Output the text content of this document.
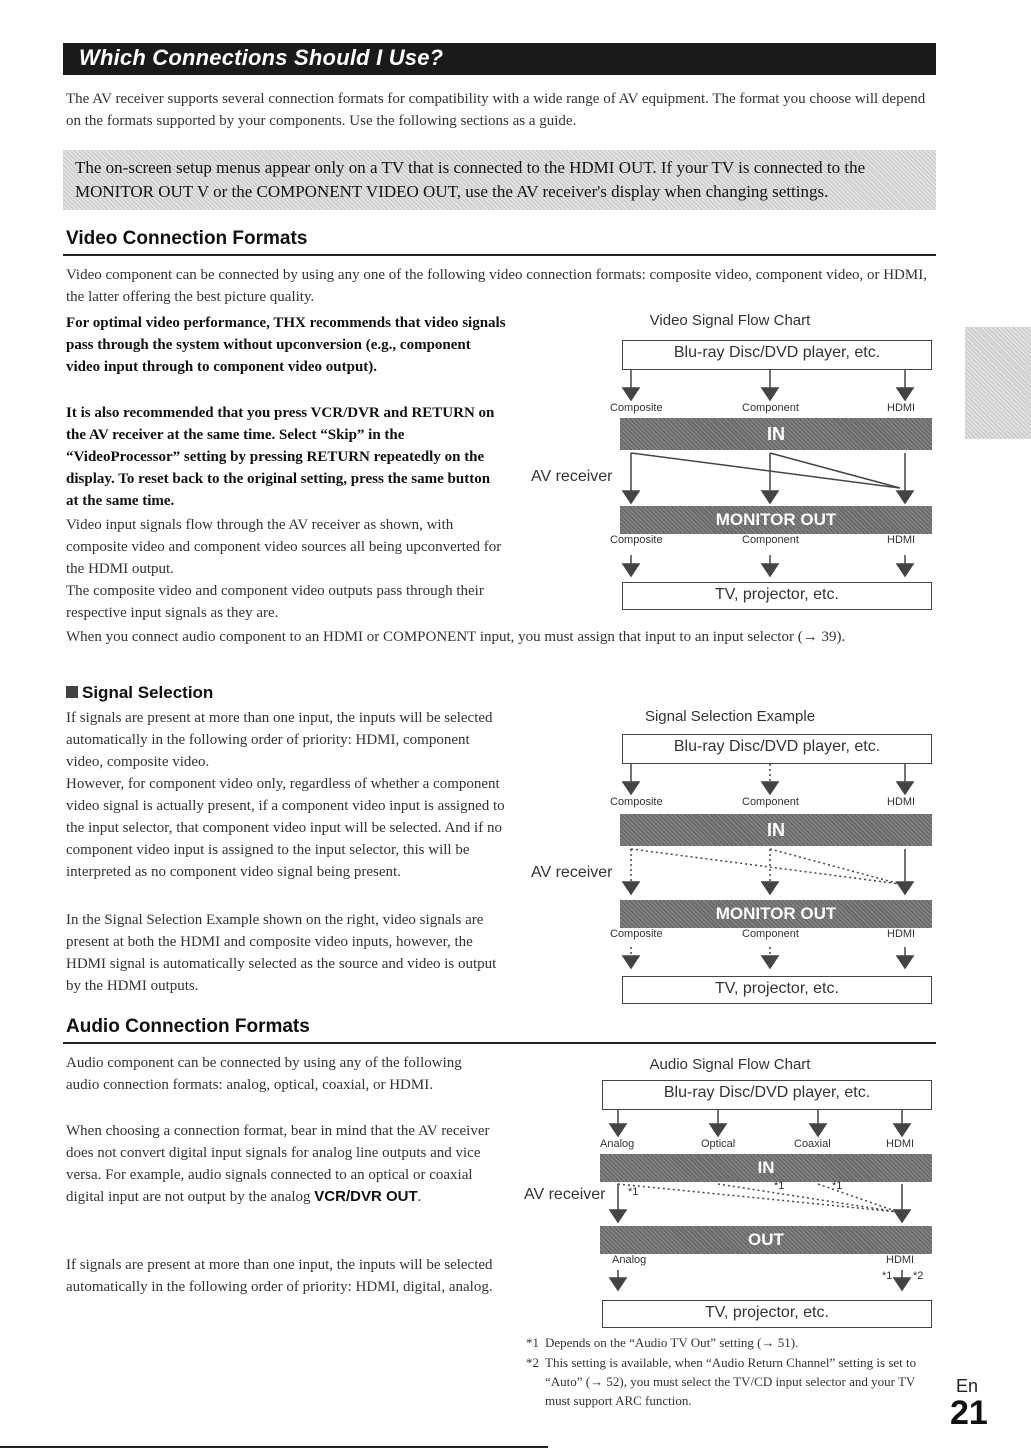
Which Connections Should I Use?

The AV receiver supports several connection formats for compatibility with a wide range of AV equipment. The format you choose will depend on the formats supported by your components. Use the following sections as a guide.

The on-screen setup menus appear only on a TV that is connected to the HDMI OUT. If your TV is connected to the MONITOR OUT V or the COMPONENT VIDEO OUT, use the AV receiver's display when changing settings.

Video Connection Formats

Video component can be connected by using any one of the following video connection formats: composite video, component video, or HDMI, the latter offering the best picture quality.

For optimal video performance, THX recommends that video signals pass through the system without upconversion (e.g., component video input through to component video output).

It is also recommended that you press VCR/DVR and RETURN on the AV receiver at the same time. Select “Skip” in the “VideoProcessor” setting by pressing RETURN repeatedly on the display. To reset back to the original setting, press the same button at the same time.

Video input signals flow through the AV receiver as shown, with composite video and component video sources all being upconverted for the HDMI output.

The composite video and component video outputs pass through their respective input signals as they are.

When you connect audio component to an HDMI or COMPONENT input, you must assign that input to an input selector (→ 39).

Video Signal Flow Chart
Blu-ray Disc/DVD player, etc.
Composite	Component	HDMI
IN
AV receiver
MONITOR OUT
Composite	Component	HDMI
TV, projector, etc.
Signal Selection

If signals are present at more than one input, the inputs will be selected automatically in the following order of priority: HDMI, component video, composite video.

However, for component video only, regardless of whether a component video signal is actually present, if a component video input is assigned to the input selector, that component video input will be selected. And if no component video input is assigned to the input selector, this will be interpreted as no component video signal being present.

In the Signal Selection Example shown on the right, video signals are present at both the HDMI and composite video inputs, however, the HDMI signal is automatically selected as the source and video is output by the HDMI outputs.

Signal Selection Example
Blu-ray Disc/DVD player, etc.
Composite	Component	HDMI
IN
AV receiver
MONITOR OUT
Composite	Component	HDMI
TV, projector, etc.
Audio Connection Formats

Audio component can be connected by using any of the following audio connection formats: analog, optical, coaxial, or HDMI.

When choosing a connection format, bear in mind that the AV receiver does not convert digital input signals for analog line outputs and vice versa. For example, audio signals connected to an optical or coaxial digital input are not output by the analog VCR/DVR OUT.

If signals are present at more than one input, the inputs will be selected automatically in the following order of priority: HDMI, digital, analog.

Audio Signal Flow Chart
Blu-ray Disc/DVD player, etc.
Analog	Optical	Coaxial	HDMI
IN
AV receiver *1	*1	*1
OUT
Analog	HDMI
*1 *2
TV, projector, etc.
*1 Depends on the “Audio TV Out” setting (→ 51).
*2 This setting is available, when “Audio Return Channel” setting is set to “Auto” (→ 52), you must select the TV/CD input selector and your TV must support ARC function.
En
21
